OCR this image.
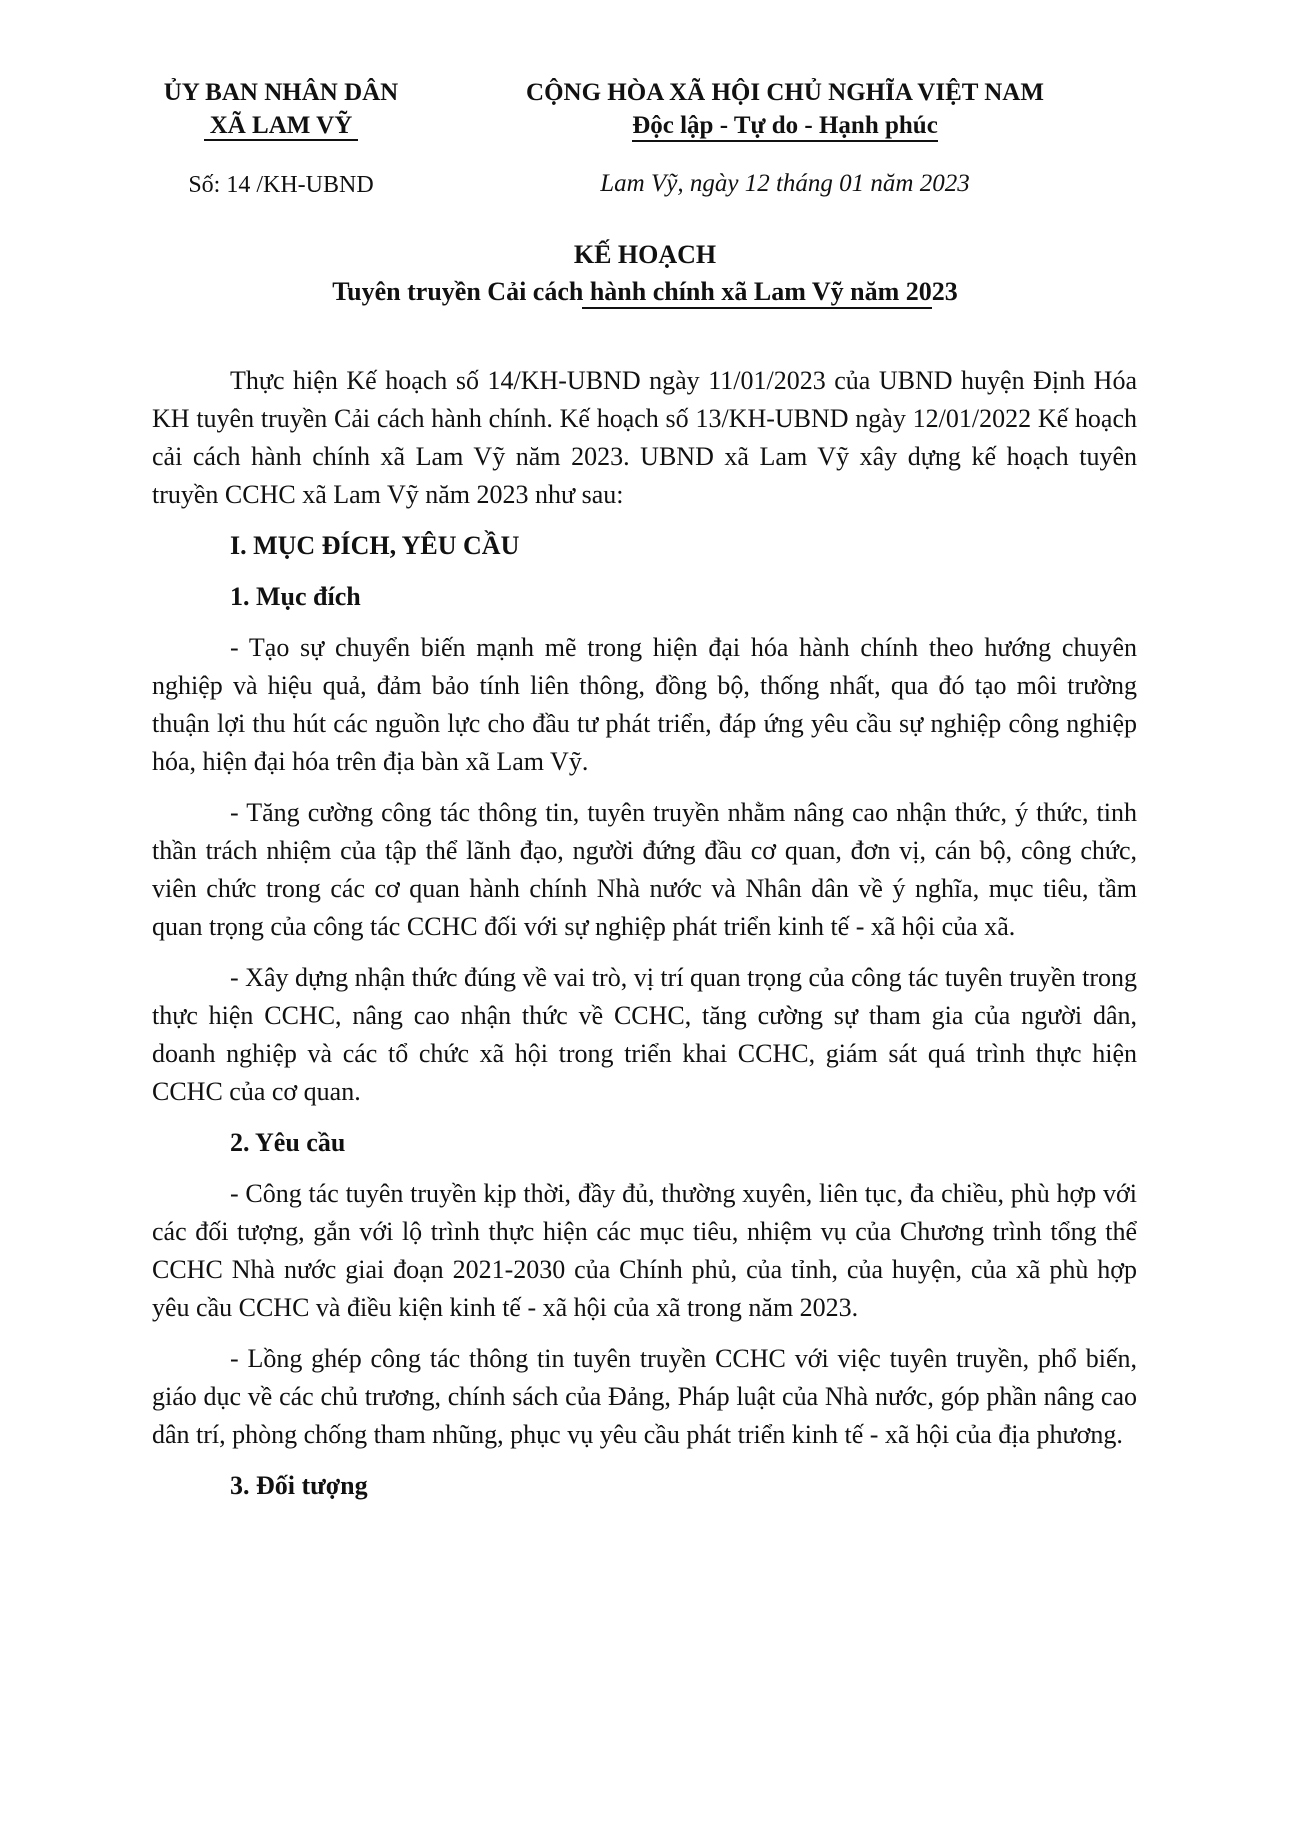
ỦY BAN NHÂN DÂN
XÃ LAM VỸ
CỘNG HÒA XÃ HỘI CHỦ NGHĨA VIỆT NAM
Độc lập - Tự do - Hạnh phúc
Số: 14 /KH-UBND	Lam Vỹ, ngày 12 tháng 01 năm 2023
KẾ HOẠCH
Tuyên truyền Cải cách hành chính xã Lam Vỹ năm 2023

Thực hiện Kế hoạch số 14/KH-UBND ngày 11/01/2023 của UBND huyện Định Hóa KH tuyên truyền Cải cách hành chính. Kế hoạch số 13/KH-UBND ngày 12/01/2022 Kế hoạch cải cách hành chính xã Lam Vỹ năm 2023. UBND xã Lam Vỹ xây dựng kế hoạch tuyên truyền CCHC xã Lam Vỹ năm 2023 như sau:

I. MỤC ĐÍCH, YÊU CẦU
1. Mục đích

- Tạo sự chuyển biến mạnh mẽ trong hiện đại hóa hành chính theo hướng chuyên nghiệp và hiệu quả, đảm bảo tính liên thông, đồng bộ, thống nhất, qua đó tạo môi trường thuận lợi thu hút các nguồn lực cho đầu tư phát triển, đáp ứng yêu cầu sự nghiệp công nghiệp hóa, hiện đại hóa trên địa bàn xã Lam Vỹ.

- Tăng cường công tác thông tin, tuyên truyền nhằm nâng cao nhận thức, ý thức, tinh thần trách nhiệm của tập thể lãnh đạo, người đứng đầu cơ quan, đơn vị, cán bộ, công chức, viên chức trong các cơ quan hành chính Nhà nước và Nhân dân về ý nghĩa, mục tiêu, tầm quan trọng của công tác CCHC đối với sự nghiệp phát triển kinh tế - xã hội của xã.

- Xây dựng nhận thức đúng về vai trò, vị trí quan trọng của công tác tuyên truyền trong thực hiện CCHC, nâng cao nhận thức về CCHC, tăng cường sự tham gia của người dân, doanh nghiệp và các tổ chức xã hội trong triển khai CCHC, giám sát quá trình thực hiện CCHC của cơ quan.

2. Yêu cầu

- Công tác tuyên truyền kịp thời, đầy đủ, thường xuyên, liên tục, đa chiều, phù hợp với các đối tượng, gắn với lộ trình thực hiện các mục tiêu, nhiệm vụ của Chương trình tổng thể CCHC Nhà nước giai đoạn 2021-2030 của Chính phủ, của tỉnh, của huyện, của xã phù hợp yêu cầu CCHC và điều kiện kinh tế - xã hội của xã trong năm 2023.

- Lồng ghép công tác thông tin tuyên truyền CCHC với việc tuyên truyền, phổ biến, giáo dục về các chủ trương, chính sách của Đảng, Pháp luật của Nhà nước, góp phần nâng cao dân trí, phòng chống tham nhũng, phục vụ yêu cầu phát triển kinh tế - xã hội của địa phương.

3. Đối tượng
